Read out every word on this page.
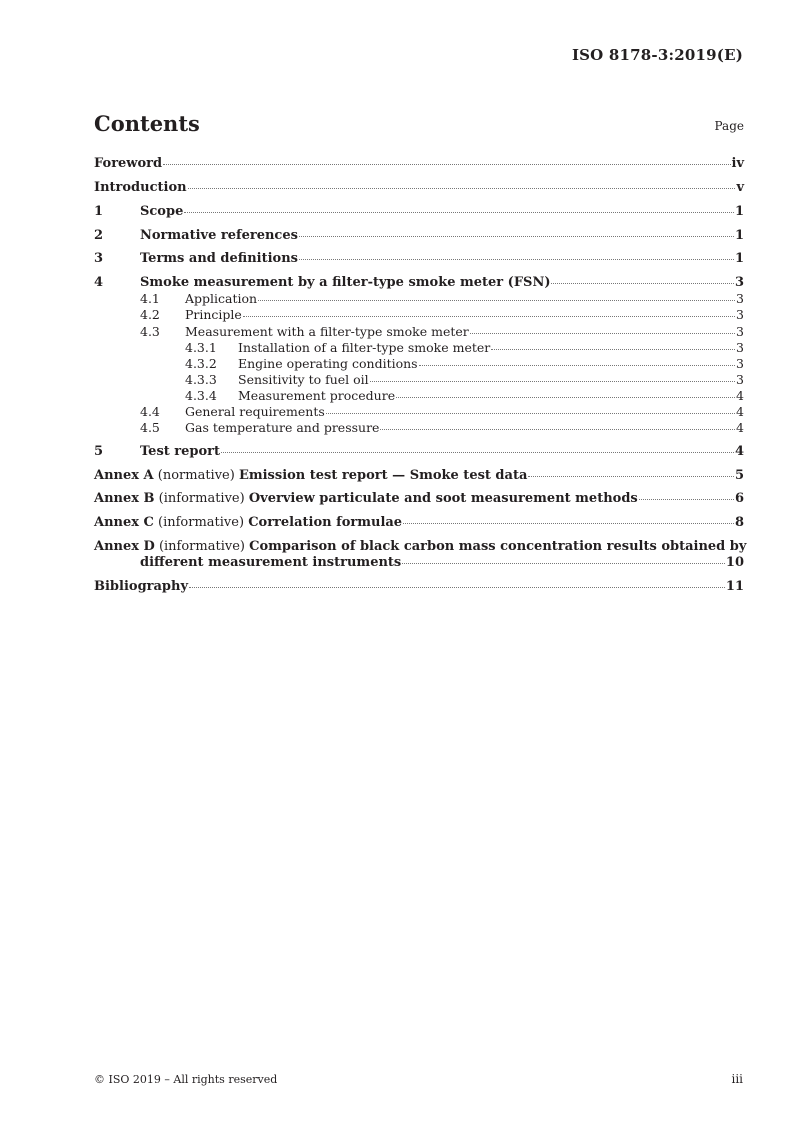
ISO 8178-3:2019(E)
Contents	Page
Foreword	iv
Introduction	v
1	Scope	1
2	Normative references	1
3	Terms and definitions	1
4	Smoke measurement by a filter-type smoke meter (FSN)	3
4.1	Application	3
4.2	Principle	3
4.3	Measurement with a filter-type smoke meter	3
4.3.1	Installation of a filter-type smoke meter	3
4.3.2	Engine operating conditions	3
4.3.3	Sensitivity to fuel oil	3
4.3.4	Measurement procedure	4
4.4	General requirements	4
4.5	Gas temperature and pressure	4
5	Test report	4
Annex A (normative) Emission test report — Smoke test data	5
Annex B (informative) Overview particulate and soot measurement methods	6
Annex C (informative) Correlation formulae	8
Annex D (informative) Comparison of black carbon mass concentration results obtained by
different measurement instruments	10
Bibliography	11
© ISO 2019 – All rights reserved	iii
